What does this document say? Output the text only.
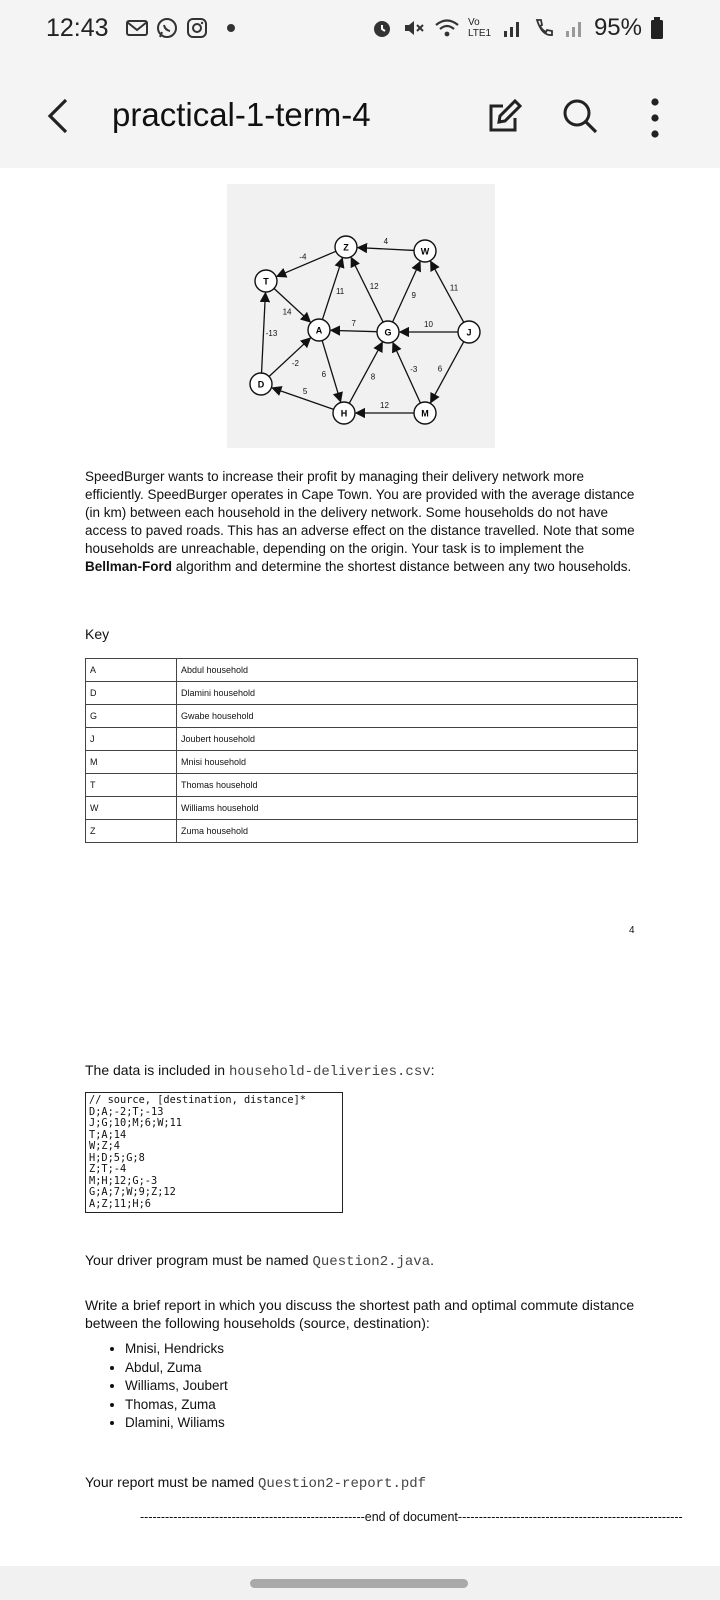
12:43	Vo LTE1	95%
practical-1-term-4
-2
-13
10
6
11
14
4
5
8
-4
12
-3
7
9
12
11
6
T
Z	W
A	G	J
D
H	M
SpeedBurger wants to increase their profit by managing their delivery network more efficiently. SpeedBurger operates in Cape Town. You are provided with the average distance (in km) between each household in the delivery network. Some households do not have access to paved roads. This has an adverse effect on the distance travelled. Note that some households are unreachable, depending on the origin. Your task is to implement the Bellman-Ford algorithm and determine the shortest distance between any two households.
Key
A	Abdul household
D	Dlamini household
G	Gwabe household
J	Joubert household
M	Mnisi household
T	Thomas household
W	Williams household
Z	Zuma household
4
The data is included in household-deliveries.csv:
// source, [destination, distance]*
D;A;-2;T;-13
J;G;10;M;6;W;11
T;A;14
W;Z;4
H;D;5;G;8
Z;T;-4
M;H;12;G;-3
G;A;7;W;9;Z;12
A;Z;11;H;6
Your driver program must be named Question2.java.
Write a brief report in which you discuss the shortest path and optimal commute distance between the following households (source, destination):
• Mnisi, Hendricks
• Abdul, Zuma
• Williams, Joubert
• Thomas, Zuma
• Dlamini, Wiliams
Your report must be named Question2-report.pdf
------------------------------------------------------end of document------------------------------------------------------
